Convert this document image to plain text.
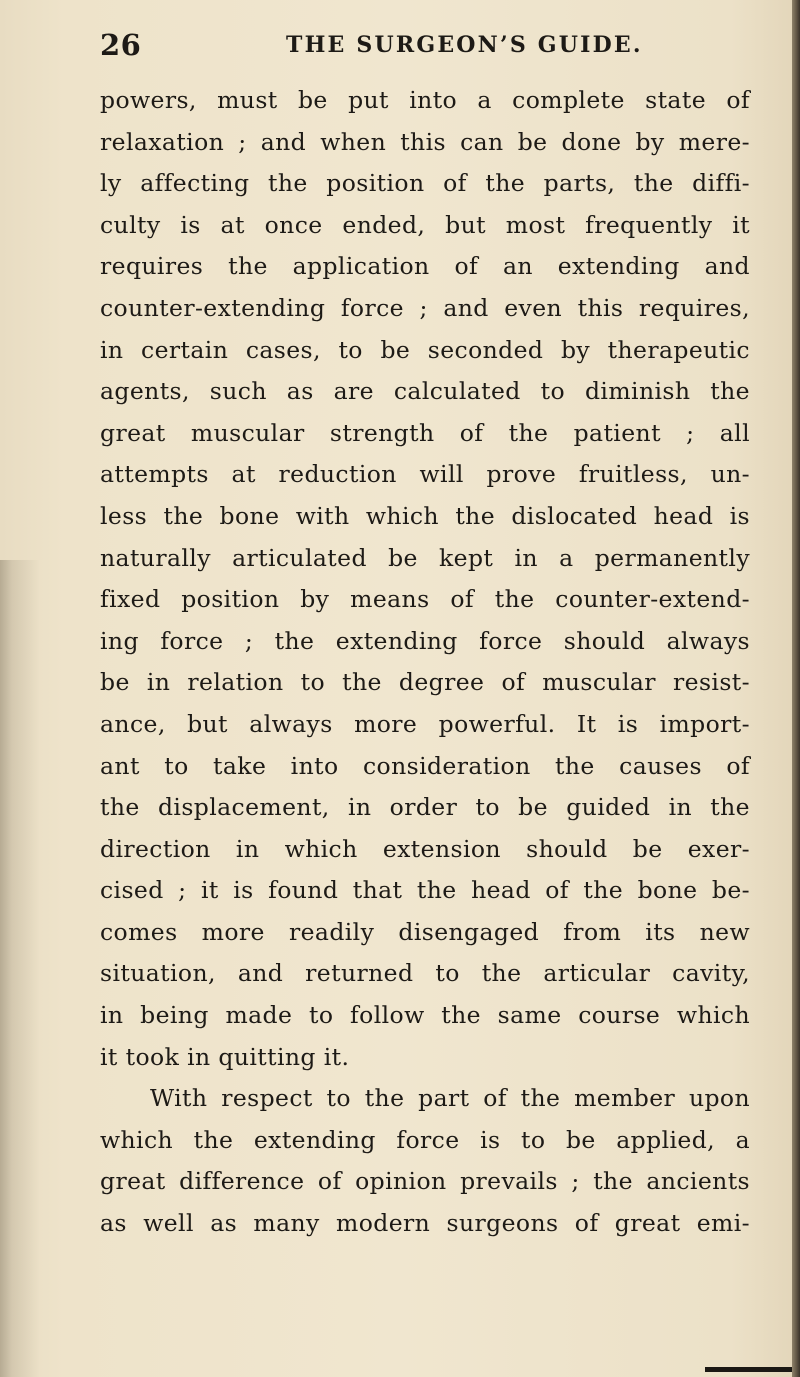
26	THE SURGEON’S GUIDE.
powers, must be put into a complete state of
relaxation ; and when this can be done by mere-
ly affecting the position of the parts, the diffi-
culty is at once ended, but most frequently it
requires the application of an extending and
counter-extending force ; and even this requires,
in certain cases, to be seconded by therapeutic
agents, such as are calculated to diminish the
great muscular strength of the patient ; all
attempts at reduction will prove fruitless, un-
less the bone with which the dislocated head is
naturally articulated be kept in a permanently
fixed position by means of the counter-extend-
ing force ; the extending force should always
be in relation to the degree of muscular resist-
ance, but always more powerful. It is import-
ant to take into consideration the causes of
the displacement, in order to be guided in the
direction in which extension should be exer-
cised ; it is found that the head of the bone be-
comes more readily disengaged from its new
situation, and returned to the articular cavity,
in being made to follow the same course which
it took in quitting it.
With respect to the part of the member upon
which the extending force is to be applied, a
great difference of opinion prevails ; the ancients
as well as many modern surgeons of great emi-
